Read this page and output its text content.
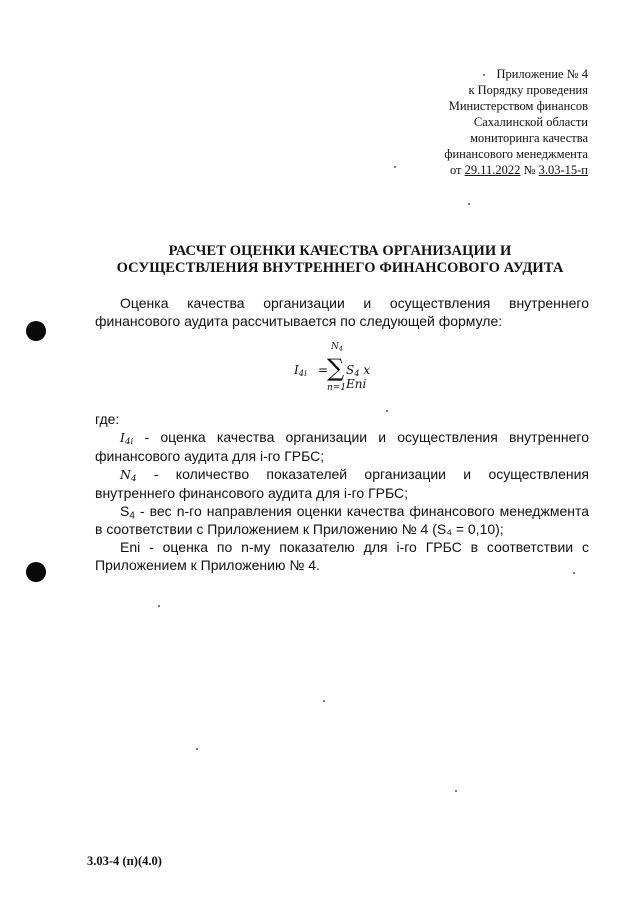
Приложение № 4
к Порядку проведения
Министерством финансов
Сахалинской области
мониторинга качества
финансового менеджмента
от 29.11.2022 № 3.03-15-п
РАСЧЕТ ОЦЕНКИ КАЧЕСТВА ОРГАНИЗАЦИИ И
ОСУЩЕСТВЛЕНИЯ ВНУТРЕННЕГО ФИНАНСОВОГО АУДИТА
Оценка качества организации и осуществления внутреннего финансового аудита рассчитывается по следующей формуле:
$I_{4i}$ =
$N_4$
∑
n=1
$S_4$ x Eni
где:

$I_{4i}$ - оценка качества организации и осуществления внутреннего финансового аудита для i-го ГРБС;

$N_4$ - количество показателей организации и осуществления внутреннего финансового аудита для i-го ГРБС;

$S_4$ - вес n-го направления оценки качества финансового менеджмента в соответствии с Приложением к Приложению № 4 (S₄ = 0,10);

Eni - оценка по n-му показателю для i-го ГРБС в соответствии с Приложением к Приложению № 4.

3.03-4 (п)(4.0)
